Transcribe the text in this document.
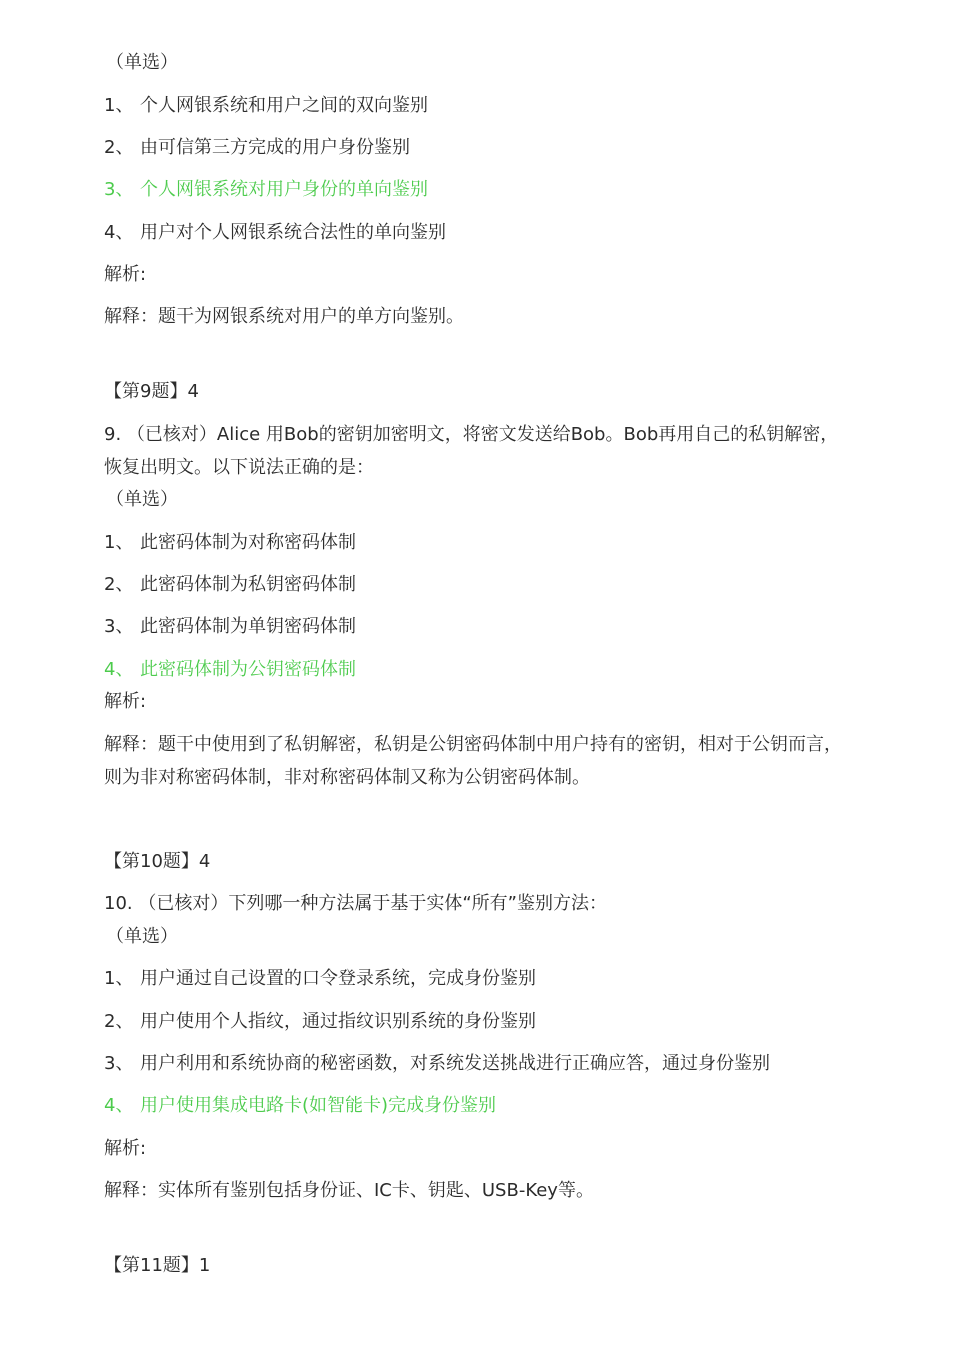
（单选）
1、 个人网银系统和用户之间的双向鉴别
2、 由可信第三方完成的用户身份鉴别
3、 个人网银系统对用户身份的单向鉴别
4、 用户对个人网银系统合法性的单向鉴别
解析:
解释：题干为网银系统对用户的单方向鉴别。
【第9题】4
9. （已核对）Alice 用Bob的密钥加密明文，将密文发送给Bob。Bob再用自己的私钥解密，恢复出明文。以下说法正确的是：
（单选）
1、 此密码体制为对称密码体制
2、 此密码体制为私钥密码体制
3、 此密码体制为单钥密码体制
4、 此密码体制为公钥密码体制
解析:
解释：题干中使用到了私钥解密，私钥是公钥密码体制中用户持有的密钥，相对于公钥而言，则为非对称密码体制，非对称密码体制又称为公钥密码体制。
【第10题】4
10. （已核对）下列哪一种方法属于基于实体“所有”鉴别方法：
（单选）
1、 用户通过自己设置的口令登录系统，完成身份鉴别
2、 用户使用个人指纹，通过指纹识别系统的身份鉴别
3、 用户利用和系统协商的秘密函数，对系统发送挑战进行正确应答，通过身份鉴别
4、 用户使用集成电路卡(如智能卡)完成身份鉴别
解析:
解释：实体所有鉴别包括身份证、IC卡、钥匙、USB-Key等。
【第11题】1
